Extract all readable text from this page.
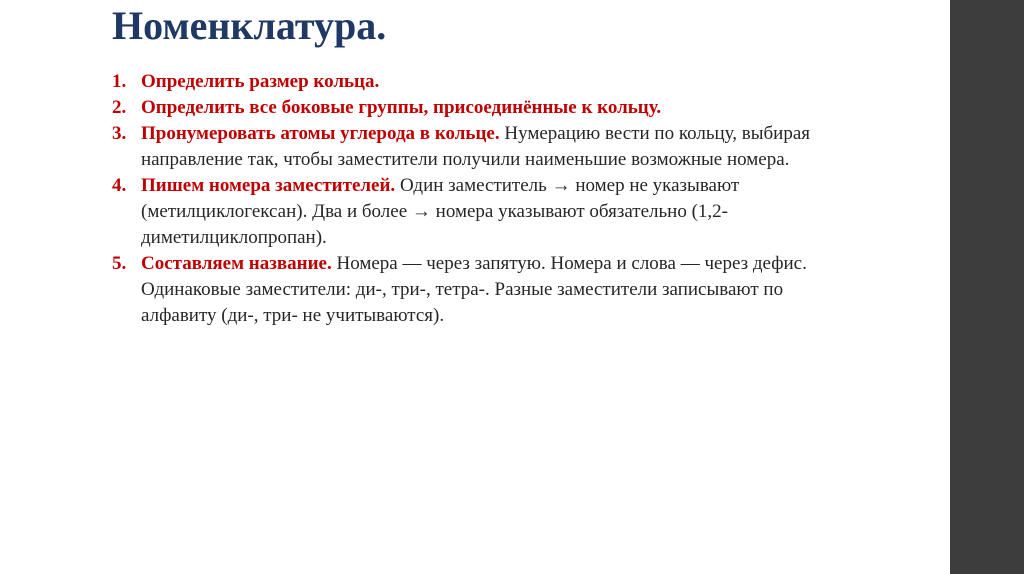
Номенклатура.
1. Определить размер кольца.
2. Определить все боковые группы, присоединённые к кольцу.
3. Пронумеровать атомы углерода в кольце. Нумерацию вести по кольцу, выбирая направление так, чтобы заместители получили наименьшие возможные номера.
4. Пишем номера заместителей. Один заместитель → номер не указывают (метилциклогексан). Два и более → номера указывают обязательно (1,2-диметилциклопропан).
5. Составляем название. Номера — через запятую. Номера и слова — через дефис. Одинаковые заместители: ди-, три-, тетра-. Разные заместители записывают по алфавиту (ди-, три- не учитываются).
